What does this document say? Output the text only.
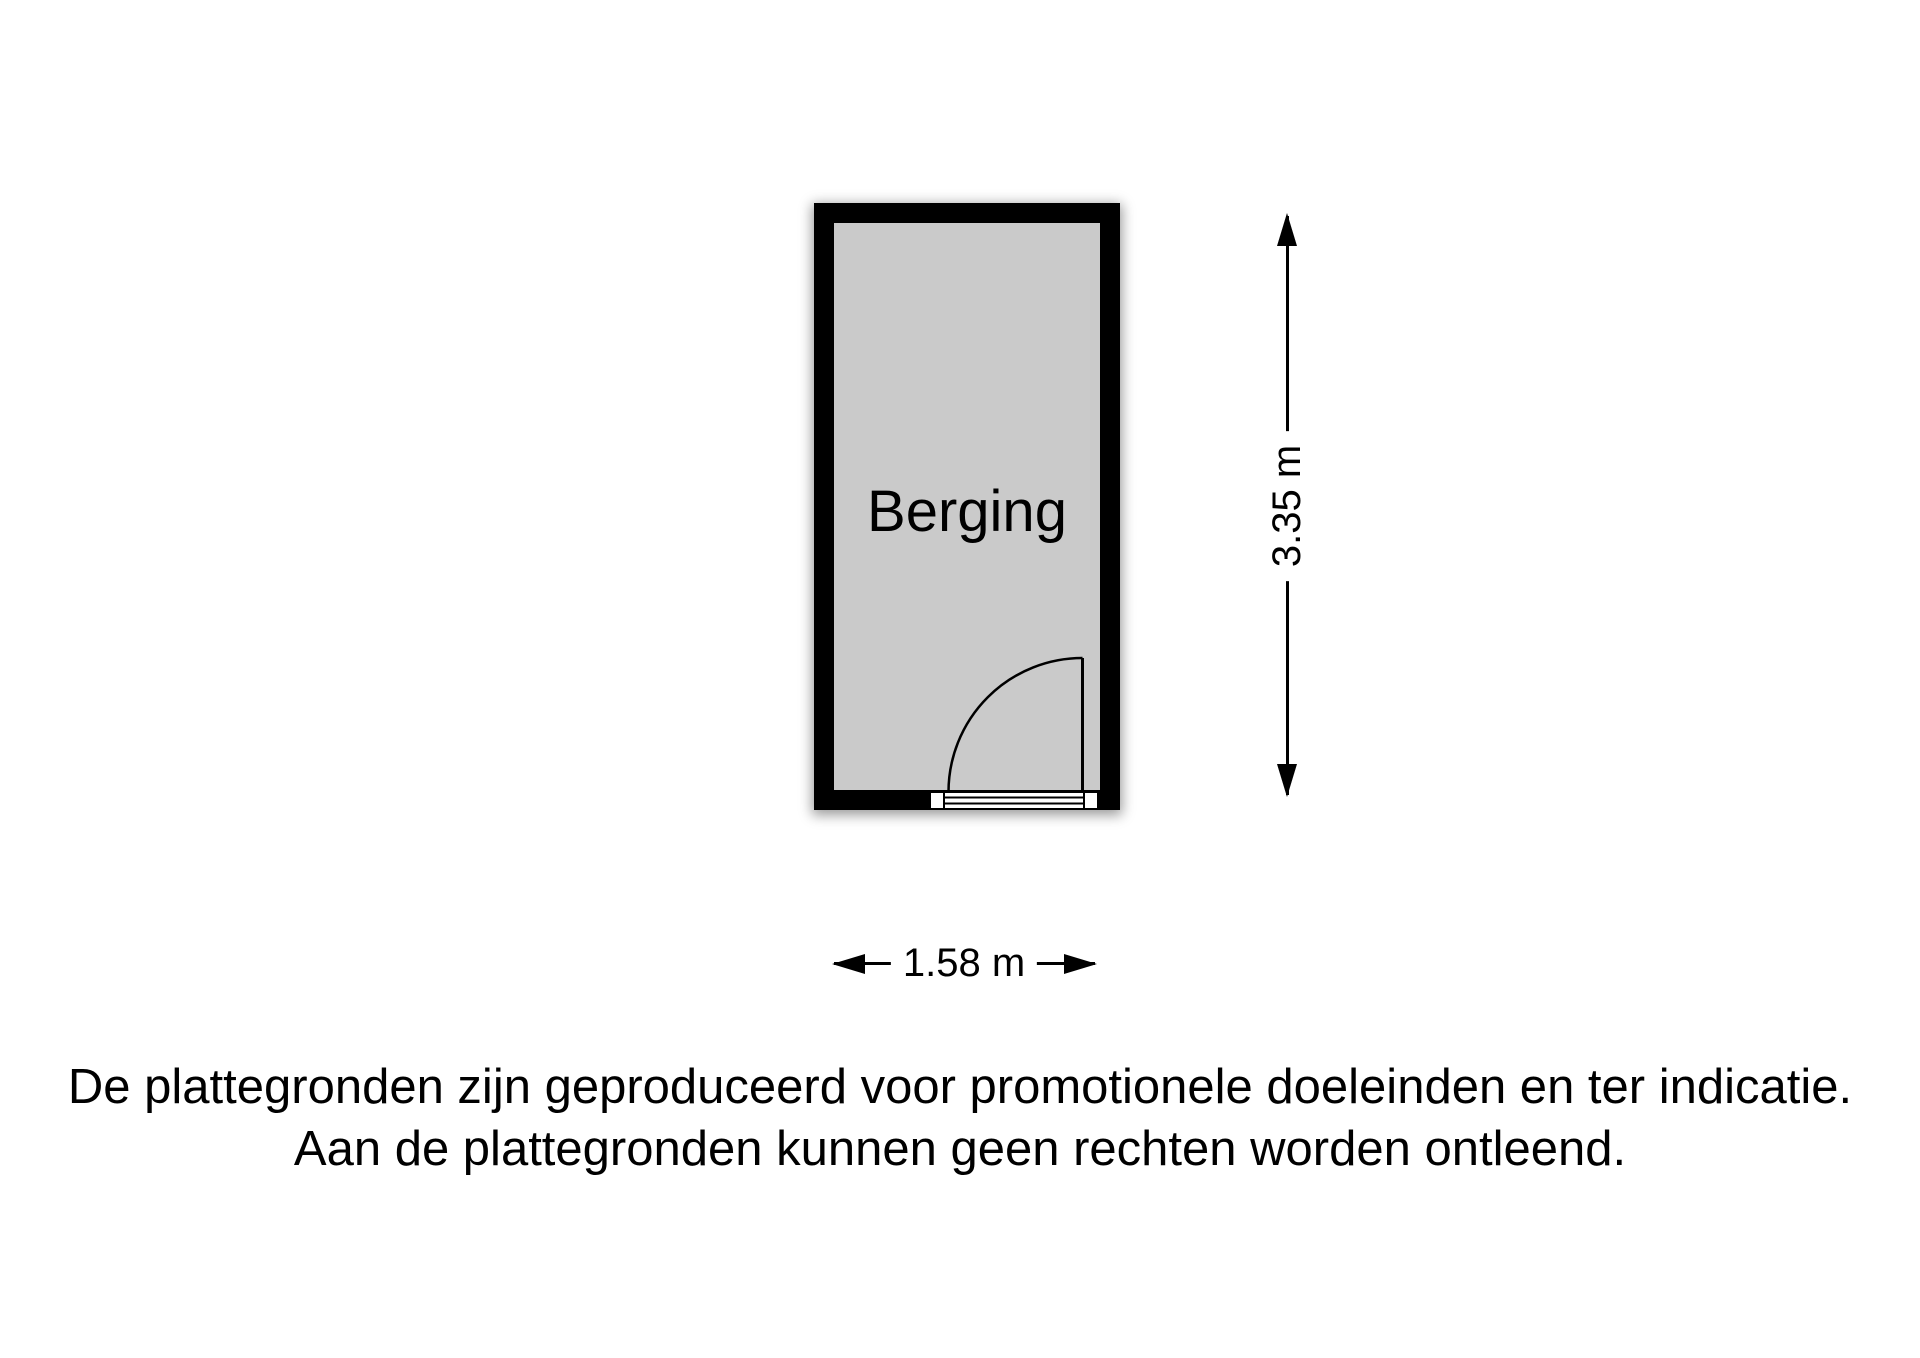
Berging	3.35 m
1.58 m
De plattegronden zijn geproduceerd voor promotionele doeleinden en ter indicatie.
Aan de plattegronden kunnen geen rechten worden ontleend.
